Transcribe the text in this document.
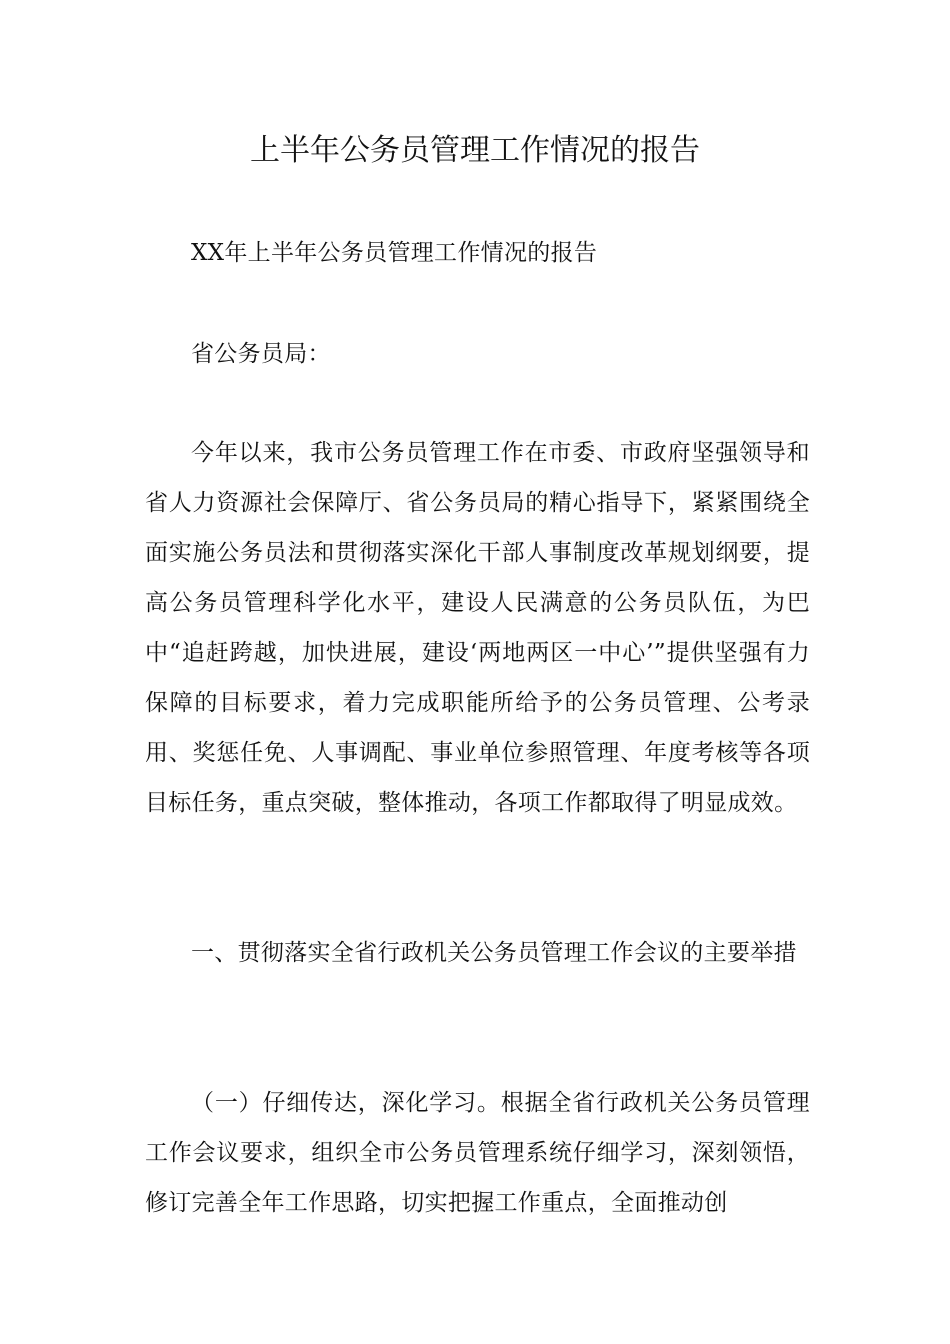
上半年公务员管理工作情况的报告

XX年上半年公务员管理工作情况的报告

省公务员局：

今年以来，我市公务员管理工作在市委、市政府坚强领导和省人力资源社会保障厅、省公务员局的精心指导下，紧紧围绕全面实施公务员法和贯彻落实深化干部人事制度改革规划纲要，提高公务员管理科学化水平，建设人民满意的公务员队伍，为巴中“追赶跨越，加快进展，建设‘两地两区一中心’”提供坚强有力保障的目标要求，着力完成职能所给予的公务员管理、公考录用、奖惩任免、人事调配、事业单位参照管理、年度考核等各项目标任务，重点突破，整体推动，各项工作都取得了明显成效。

一、贯彻落实全省行政机关公务员管理工作会议的主要举措

（一）仔细传达，深化学习。根据全省行政机关公务员管理工作会议要求，组织全市公务员管理系统仔细学习，深刻领悟，修订完善全年工作思路，切实把握工作重点，全面推动创
